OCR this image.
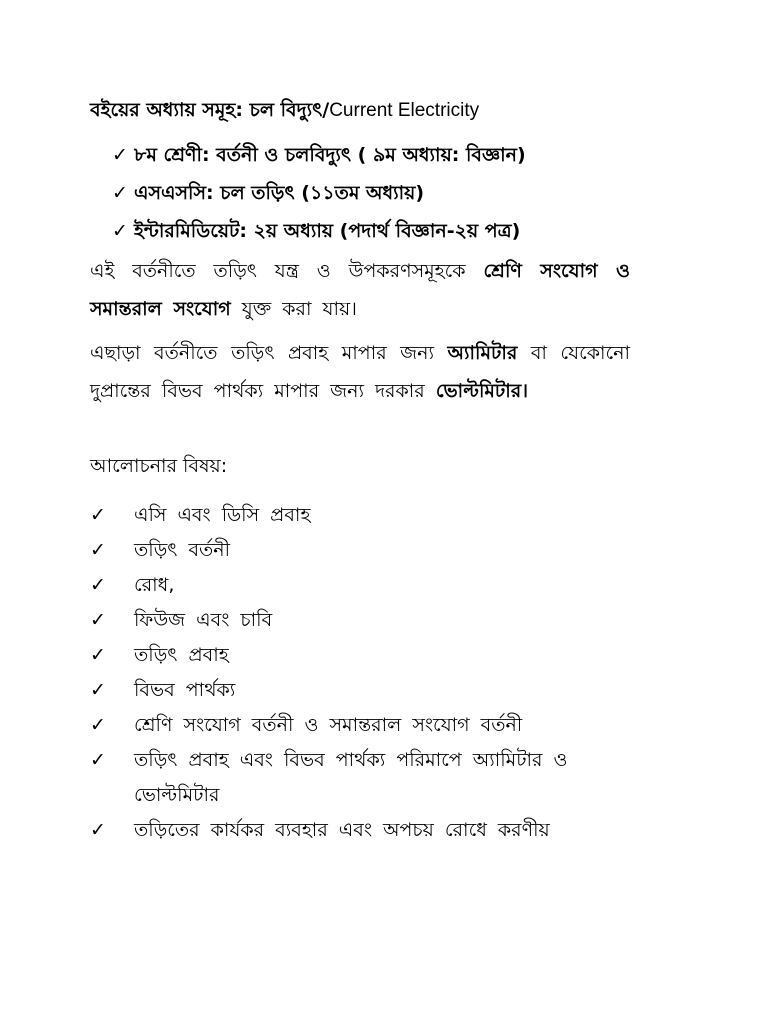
বইয়ের অধ্যায় সমূহ: চল বিদ্যুৎ/Current Electricity
✓ ৮ম শ্রেণী: বর্তনী ও চলবিদ্যুৎ ( ৯ম অধ্যায়: বিজ্ঞান)
✓ এসএসসি: চল তড়িৎ (১১তম অধ্যায়)
✓ ইন্টারমিডিয়েট: ২য় অধ্যায় (পদার্থ বিজ্ঞান-২য় পত্র)

এই বর্তনীতে তড়িৎ যন্ত্র ও উপকরণসমূহকে শ্রেণি সংযোগ ও সমান্তরাল সংযোগ যুক্ত করা যায়।

এছাড়া বর্তনীতে তড়িৎ প্রবাহ মাপার জন্য অ্যামিটার বা যেকোনো দুপ্রান্তের বিভব পার্থক্য মাপার জন্য দরকার ভোল্টমিটার।

আলোচনার বিষয়:
✓ এসি এবং ডিসি প্রবাহ
✓ তড়িৎ বর্তনী
✓ রোধ,
✓ ফিউজ এবং চাবি
✓ তড়িৎ প্রবাহ
✓ বিভব পার্থক্য
✓ শ্রেণি সংযোগ বর্তনী ও সমান্তরাল সংযোগ বর্তনী
✓ তড়িৎ প্রবাহ এবং বিভব পার্থক্য পরিমাপে অ্যামিটার ও ভোল্টমিটার
✓ তড়িতের কার্যকর ব্যবহার এবং অপচয় রোধে করণীয়
